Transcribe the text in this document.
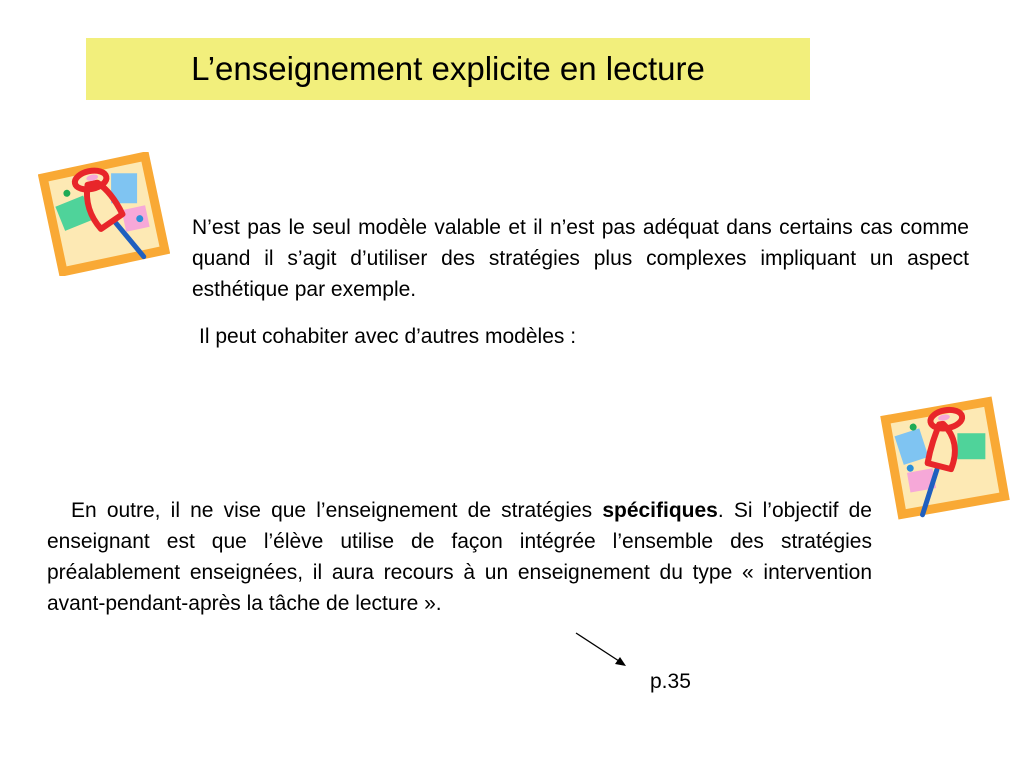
L’enseignement explicite en lecture

N’est pas le seul modèle valable et il n’est pas adéquat dans certains cas comme quand il s’agit d’utiliser des stratégies plus complexes impliquant un aspect esthétique par exemple.

Il peut cohabiter avec d’autres modèles :

En outre, il ne vise que l’enseignement de stratégies spécifiques. Si l’objectif de enseignant est que l’élève utilise de façon intégrée l’ensemble des stratégies préalablement enseignées, il aura recours à un enseignement du type « intervention avant-pendant-après la tâche de lecture ».

p.35
